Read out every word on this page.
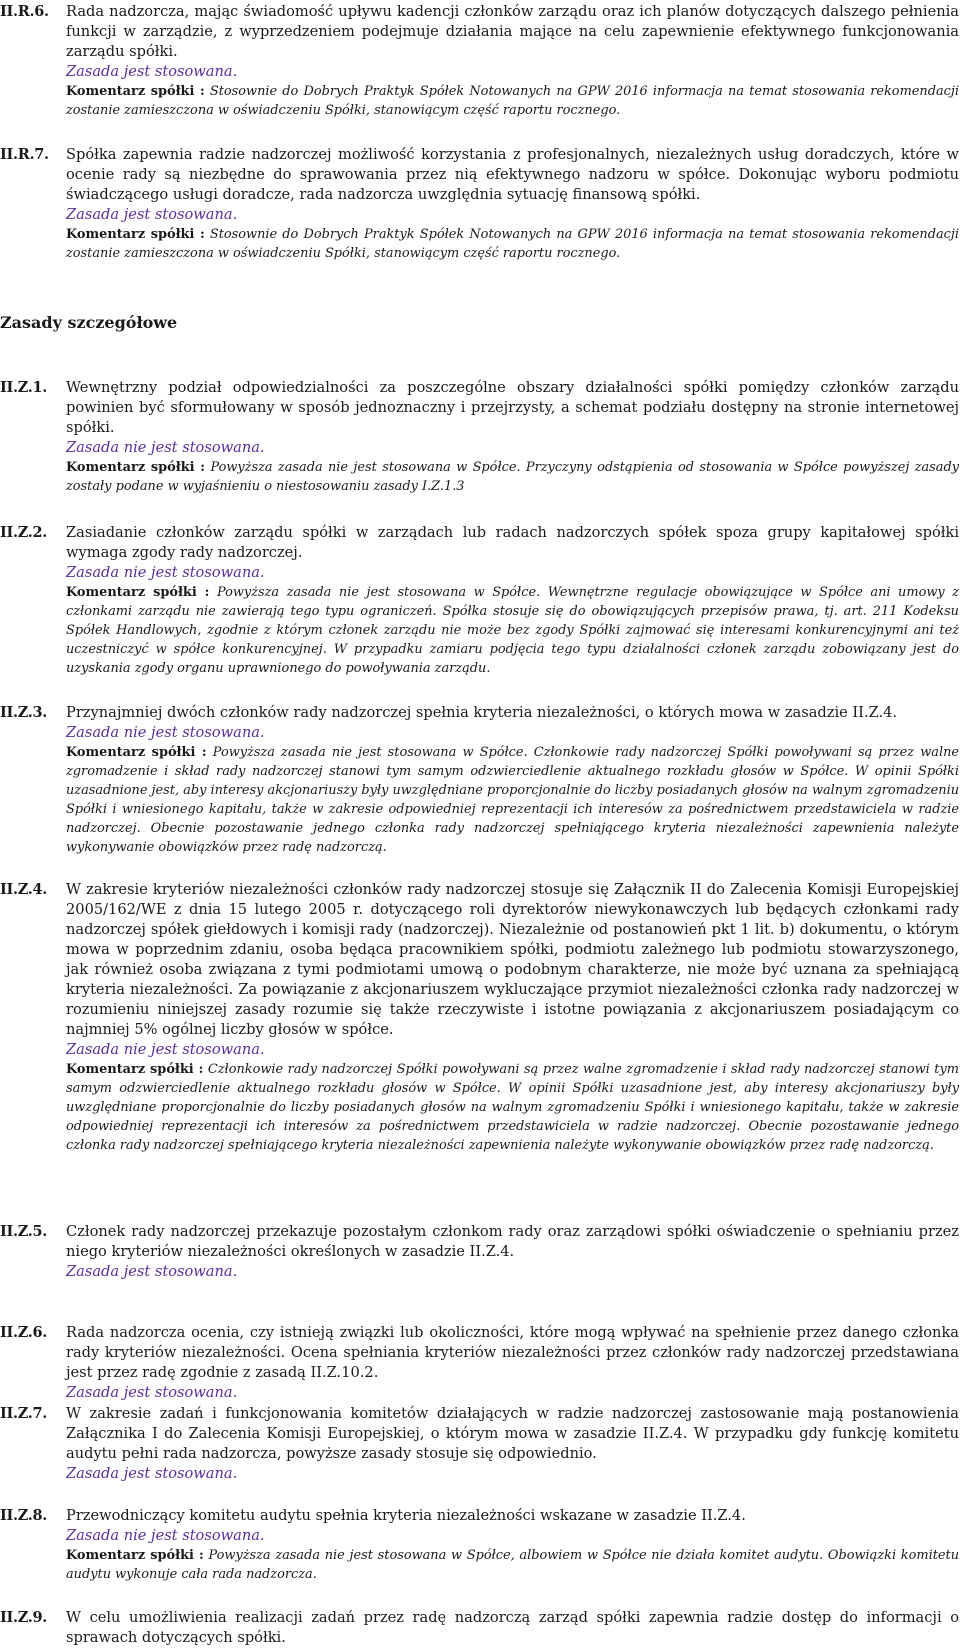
II.R.6. Rada nadzorcza, mając świadomość upływu kadencji członków zarządu oraz ich planów dotyczących dalszego pełnienia funkcji w zarządzie, z wyprzedzeniem podejmuje działania mające na celu zapewnienie efektywnego funkcjonowania zarządu spółki.

Zasada jest stosowana.

Komentarz spółki : Stosownie do Dobrych Praktyk Spółek Notowanych na GPW 2016 informacja na temat stosowania rekomendacji zostanie zamieszczona w oświadczeniu Spółki, stanowiącym część raportu rocznego.

II.R.7. Spółka zapewnia radzie nadzorczej możliwość korzystania z profesjonalnych, niezależnych usług doradczych, które w ocenie rady są niezbędne do sprawowania przez nią efektywnego nadzoru w spółce. Dokonując wyboru podmiotu świadczącego usługi doradcze, rada nadzorcza uwzględnia sytuację finansową spółki.

Zasada jest stosowana.

Komentarz spółki : Stosownie do Dobrych Praktyk Spółek Notowanych na GPW 2016 informacja na temat stosowania rekomendacji zostanie zamieszczona w oświadczeniu Spółki, stanowiącym część raportu rocznego.

Zasady szczegółowe
II.Z.1. Wewnętrzny podział odpowiedzialności za poszczególne obszary działalności spółki pomiędzy członków zarządu powinien być sformułowany w sposób jednoznaczny i przejrzysty, a schemat podziału dostępny na stronie internetowej spółki.

Zasada nie jest stosowana.

Komentarz spółki : Powyższa zasada nie jest stosowana w Spółce. Przyczyny odstąpienia od stosowania w Spółce powyższej zasady zostały podane w wyjaśnieniu o niestosowaniu zasady I.Z.1.3

II.Z.2. Zasiadanie członków zarządu spółki w zarządach lub radach nadzorczych spółek spoza grupy kapitałowej spółki wymaga zgody rady nadzorczej.

Zasada nie jest stosowana.

Komentarz spółki : Powyższa zasada nie jest stosowana w Spółce. Wewnętrzne regulacje obowiązujące w Spółce ani umowy z członkami zarządu nie zawierają tego typu ograniczeń. Spółka stosuje się do obowiązujących przepisów prawa, tj. art. 211 Kodeksu Spółek Handlowych, zgodnie z którym członek zarządu nie może bez zgody Spółki zajmować się interesami konkurencyjnymi ani też uczestniczyć w spółce konkurencyjnej. W przypadku zamiaru podjęcia tego typu działalności członek zarządu zobowiązany jest do uzyskania zgody organu uprawnionego do powoływania zarządu.

II.Z.3. Przynajmniej dwóch członków rady nadzorczej spełnia kryteria niezależności, o których mowa w zasadzie II.Z.4.

Zasada nie jest stosowana.

Komentarz spółki : Powyższa zasada nie jest stosowana w Spółce. Członkowie rady nadzorczej Spółki powoływani są przez walne zgromadzenie i skład rady nadzorczej stanowi tym samym odzwierciedlenie aktualnego rozkładu głosów w Spółce. W opinii Spółki uzasadnione jest, aby interesy akcjonariuszy były uwzględniane proporcjonalnie do liczby posiadanych głosów na walnym zgromadzeniu Spółki i wniesionego kapitału, także w zakresie odpowiedniej reprezentacji ich interesów za pośrednictwem przedstawiciela w radzie nadzorczej. Obecnie pozostawanie jednego członka rady nadzorczej spełniającego kryteria niezależności zapewnienia należyte wykonywanie obowiązków przez radę nadzorczą.

II.Z.4. W zakresie kryteriów niezależności członków rady nadzorczej stosuje się Załącznik II do Zalecenia Komisji Europejskiej 2005/162/WE z dnia 15 lutego 2005 r. dotyczącego roli dyrektorów niewykonawczych lub będących członkami rady nadzorczej spółek giełdowych i komisji rady (nadzorczej). Niezależnie od postanowień pkt 1 lit. b) dokumentu, o którym mowa w poprzednim zdaniu, osoba będąca pracownikiem spółki, podmiotu zależnego lub podmiotu stowarzyszonego, jak również osoba związana z tymi podmiotami umową o podobnym charakterze, nie może być uznana za spełniającą kryteria niezależności. Za powiązanie z akcjonariuszem wykluczające przymiot niezależności członka rady nadzorczej w rozumieniu niniejszej zasady rozumie się także rzeczywiste i istotne powiązania z akcjonariuszem posiadającym co najmniej 5% ogólnej liczby głosów w spółce.

Zasada nie jest stosowana.

Komentarz spółki : Członkowie rady nadzorczej Spółki powoływani są przez walne zgromadzenie i skład rady nadzorczej stanowi tym samym odzwierciedlenie aktualnego rozkładu głosów w Spółce. W opinii Spółki uzasadnione jest, aby interesy akcjonariuszy były uwzględniane proporcjonalnie do liczby posiadanych głosów na walnym zgromadzeniu Spółki i wniesionego kapitału, także w zakresie odpowiedniej reprezentacji ich interesów za pośrednictwem przedstawiciela w radzie nadzorczej. Obecnie pozostawanie jednego członka rady nadzorczej spełniającego kryteria niezależności zapewnienia należyte wykonywanie obowiązków przez radę nadzorczą.

II.Z.5. Członek rady nadzorczej przekazuje pozostałym członkom rady oraz zarządowi spółki oświadczenie o spełnianiu przez niego kryteriów niezależności określonych w zasadzie II.Z.4.

Zasada jest stosowana.

II.Z.6. Rada nadzorcza ocenia, czy istnieją związki lub okoliczności, które mogą wpływać na spełnienie przez danego członka rady kryteriów niezależności. Ocena spełniania kryteriów niezależności przez członków rady nadzorczej przedstawiana jest przez radę zgodnie z zasadą II.Z.10.2.

Zasada jest stosowana.

II.Z.7. W zakresie zadań i funkcjonowania komitetów działających w radzie nadzorczej zastosowanie mają postanowienia Załącznika I do Zalecenia Komisji Europejskiej, o którym mowa w zasadzie II.Z.4. W przypadku gdy funkcję komitetu audytu pełni rada nadzorcza, powyższe zasady stosuje się odpowiednio.

Zasada jest stosowana.

II.Z.8. Przewodniczący komitetu audytu spełnia kryteria niezależności wskazane w zasadzie II.Z.4.

Zasada nie jest stosowana.

Komentarz spółki : Powyższa zasada nie jest stosowana w Spółce, albowiem w Spółce nie działa komitet audytu. Obowiązki komitetu audytu wykonuje cała rada nadzorcza.

II.Z.9. W celu umożliwienia realizacji zadań przez radę nadzorczą zarząd spółki zapewnia radzie dostęp do informacji o sprawach dotyczących spółki.
